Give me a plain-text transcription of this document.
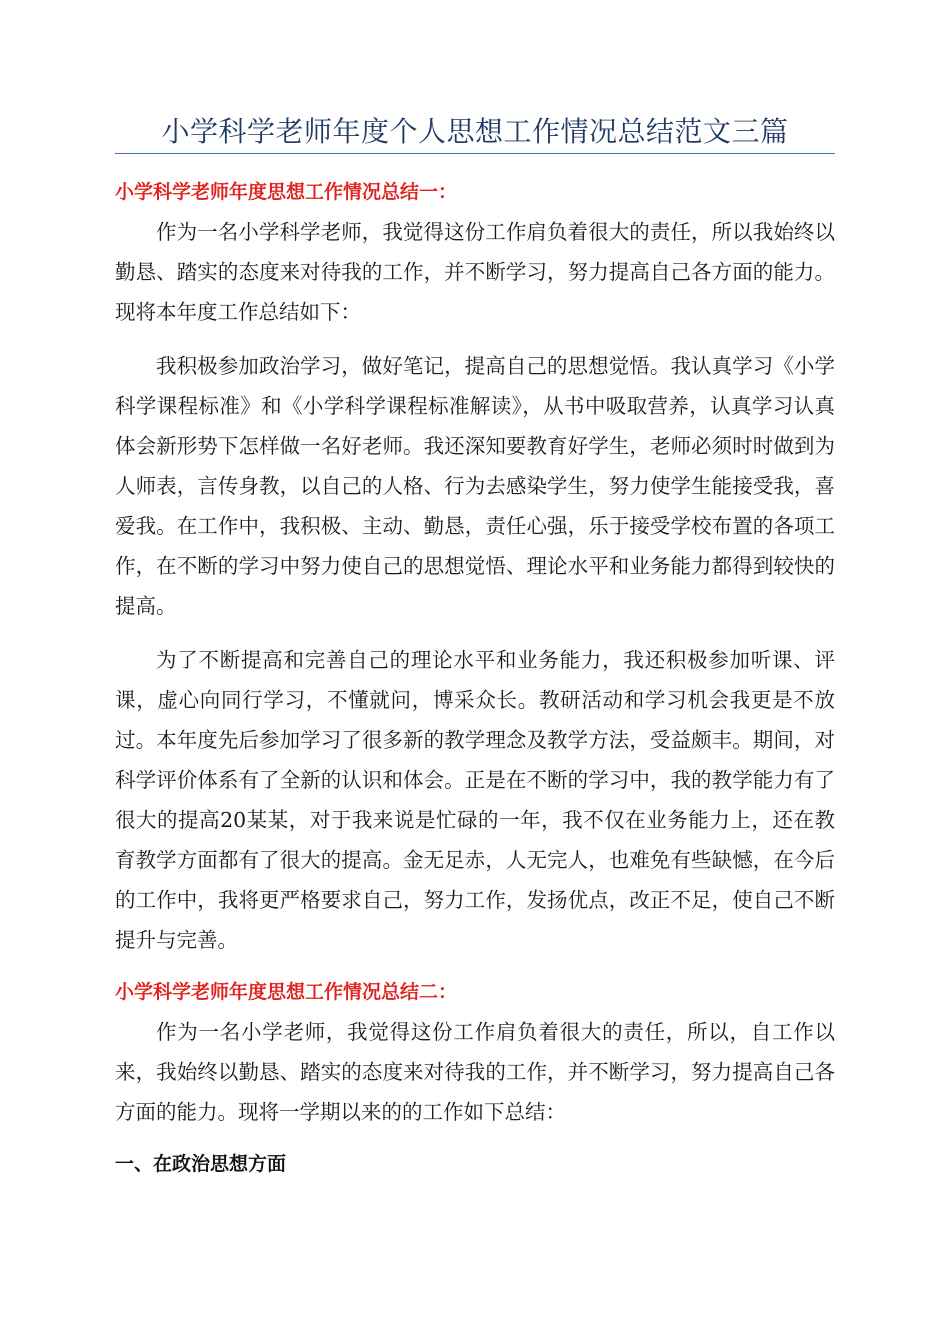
小学科学老师年度个人思想工作情况总结范文三篇

小学科学老师年度思想工作情况总结一：

作为一名小学科学老师，我觉得这份工作肩负着很大的责任，所以我始终以勤恳、踏实的态度来对待我的工作，并不断学习，努力提高自己各方面的能力。现将本年度工作总结如下：

我积极参加政治学习，做好笔记，提高自己的思想觉悟。我认真学习《小学科学课程标准》和《小学科学课程标准解读》，从书中吸取营养，认真学习认真体会新形势下怎样做一名好老师。我还深知要教育好学生，老师必须时时做到为人师表，言传身教，以自己的人格、行为去感染学生，努力使学生能接受我，喜爱我。在工作中，我积极、主动、勤恳，责任心强，乐于接受学校布置的各项工作，在不断的学习中努力使自己的思想觉悟、理论水平和业务能力都得到较快的提高。

为了不断提高和完善自己的理论水平和业务能力，我还积极参加听课、评课，虚心向同行学习，不懂就问，博采众长。教研活动和学习机会我更是不放过。本年度先后参加学习了很多新的教学理念及教学方法，受益颇丰。期间，对科学评价体系有了全新的认识和体会。正是在不断的学习中，我的教学能力有了很大的提高20某某，对于我来说是忙碌的一年，我不仅在业务能力上，还在教育教学方面都有了很大的提高。金无足赤，人无完人，也难免有些缺憾，在今后的工作中，我将更严格要求自己，努力工作，发扬优点，改正不足，使自己不断提升与完善。

小学科学老师年度思想工作情况总结二：

作为一名小学老师，我觉得这份工作肩负着很大的责任，所以，自工作以来，我始终以勤恳、踏实的态度来对待我的工作，并不断学习，努力提高自己各方面的能力。现将一学期以来的的工作如下总结：

一、在政治思想方面
